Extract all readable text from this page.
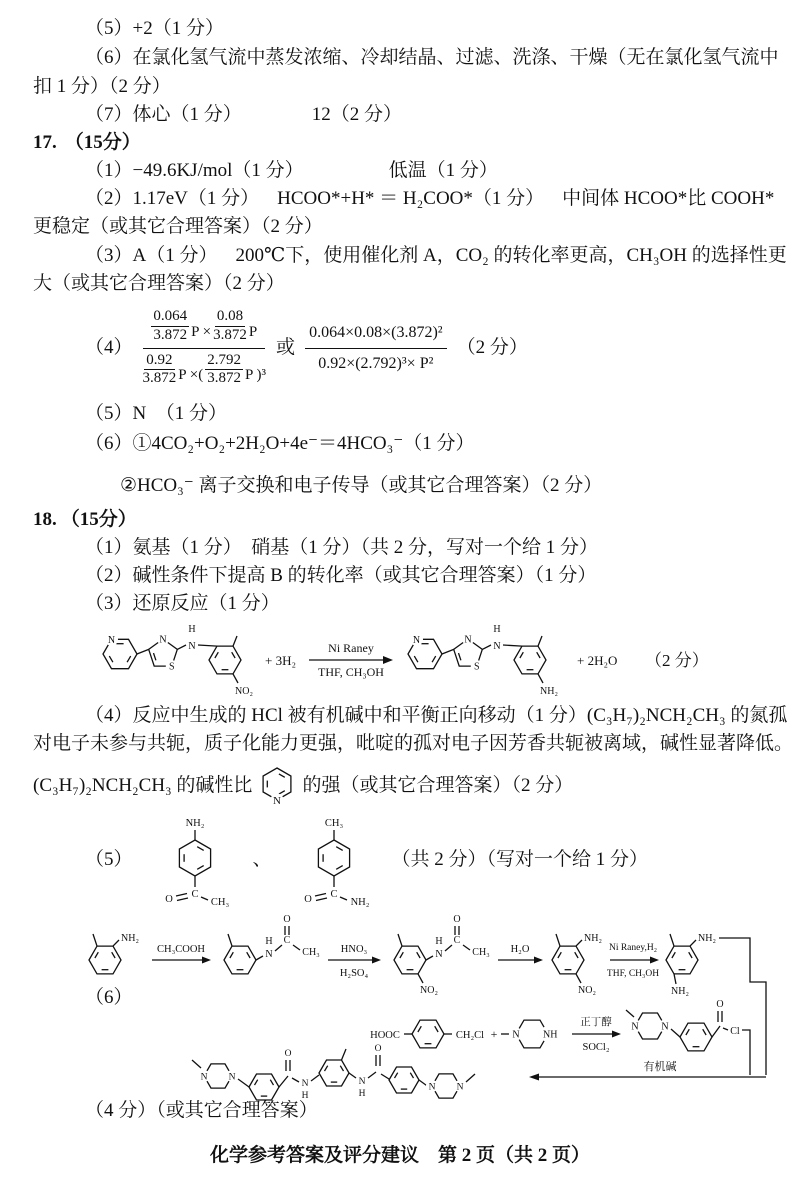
（5）+2（1 分）
（6）在氯化氢气流中蒸发浓缩、冷却结晶、过滤、洗涤、干燥（无在氯化氢气流中
扣 1 分）（2 分）
（7）体心（1 分）	12（2 分）
17. （15分）
（1）−49.6KJ/mol（1 分）	低温（1 分）
（2）1.17eV（1 分） HCOO*+H* ＝ H₂COO*（1 分） 中间体 HCOO*比 COOH*
更稳定（或其它合理答案）（2 分）
（3）A（1 分） 200℃下，使用催化剂 A，CO₂ 的转化率更高，CH₃OH 的选择性更
大（或其它合理答案）（2 分）
（4）
0.064
3.872 $P \times \frac{0.08}{3.872}$ P
0.92
3.872 P ×(
2.792
3.872 P )³
或
0.064×0.08×(3.872)²
0.92×(2.792)³× P²
（2 分）
（5）N　（1 分）
（6）①4CO₂+O₂+2H₂O+4e⁻＝4HCO₃⁻（1 分）
②HCO₃⁻ 离子交换和电子传导（或其它合理答案）（2 分）
18. （15分）
（1）氨基（1 分）　硝基（1 分）（共 2 分，写对一个给 1 分）
（2）碱性条件下提高 B 的转化率（或其它合理答案）（1 分）
（3）还原反应（1 分）
N	N
S
N
H
NO₂
+ 3H₂
Ni Raney
THF, CH₃OH
N	N
S
N
H
NH₂
+ 2H₂O （2 分）
（4）反应中生成的 HCl 被有机碱中和平衡正向移动（1 分）(C₃H₇)₂NCH₂CH₃ 的氮孤
对电子未参与共轭，质子化能力更强，吡啶的孤对电子因芳香共轭被离域，碱性显著降低。
(C₃H₇)₂NCH₂CH₃ 的碱性比
N
的强（或其它合理答案）（2 分）
（5）
NH₂
C
O	CH₃
、
CH₃
C
O	NH₂
（共 2 分）（写对一个给 1 分）
（6）
NH₂
CH₃COOH	N
H C
O
CH₃ HNO₃
H₂SO₄
NO₂
N
H C
O
CH₃ H₂O
NH₂
NO₂
Ni Raney,H₂
THF, CH₃OH
NH₂
NH₂
HOOC	CH₂Cl + N NH
正丁醇
SOCl₂
N N
O
Cl
有机碱
N N
O
N
H
N
H
O
N N
（4 分）（或其它合理答案）
化学参考答案及评分建议　第 2 页（共 2 页）
